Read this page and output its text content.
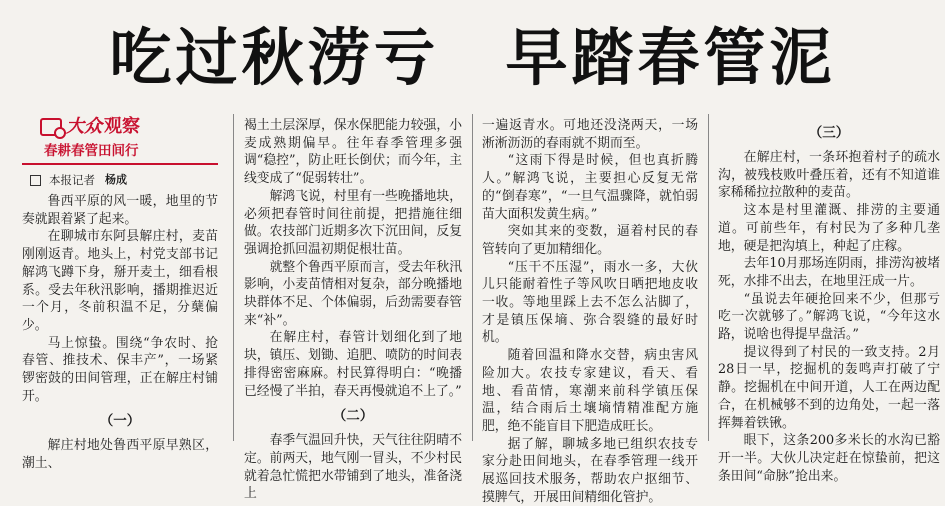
吃过秋涝亏　早踏春管泥
大众 观察
春耕春管田间行
本报记者 杨成

鲁西平原的风一暖，地里的节奏就跟着紧了起来。

在聊城市东阿县解庄村，麦苗刚刚返青。地头上，村党支部书记解鸿飞蹲下身，掰开麦土，细看根系。受去年秋汛影响，播期推迟近一个月，冬前积温不足，分蘖偏少。

马上惊蛰。围绕“争农时、抢春管、推技术、保丰产”，一场紧锣密鼓的田间管理，正在解庄村铺开。

（一）

解庄村地处鲁西平原早熟区，潮土、

褐土土层深厚，保水保肥能力较强，小麦成熟期偏早。往年春季管理多强调“稳控”，防止旺长倒伏；而今年，主线变成了“促弱转壮”。

解鸿飞说，村里有一些晚播地块，必须把春管时间往前提，把措施往细做。农技部门近期多次下沉田间，反复强调抢抓回温初期促根壮苗。

就整个鲁西平原而言，受去年秋汛影响，小麦苗情相对复杂，部分晚播地块群体不足、个体偏弱，后劲需要春管来“补”。

在解庄村，春管计划细化到了地块，镇压、划锄、追肥、喷防的时间表排得密密麻麻。村民算得明白：“晚播已经慢了半拍，春天再慢就追不上了。”

（二）

春季气温回升快，天气往往阴晴不定。前两天，地气刚一冒头，不少村民就着急忙慌把水带铺到了地头，准备浇上

一遍返青水。可地还没浇两天，一场淅淅沥沥的春雨就不期而至。

“这雨下得是时候，但也真折腾人。”解鸿飞说，主要担心反复无常的“倒春寒”，“一旦气温骤降，就怕弱苗大面积发黄生病。”

突如其来的变数，逼着村民的春管转向了更加精细化。

“压干不压湿”，雨水一多，大伙儿只能耐着性子等风吹日晒把地皮收一收。等地里踩上去不怎么沾脚了，才是镇压保墒、弥合裂缝的最好时机。

随着回温和降水交替，病虫害风险加大。农技专家建议，看天、看地、看苗情，寒潮来前科学镇压保温，结合雨后土壤墒情精准配方施肥，绝不能盲目下肥造成旺长。

据了解，聊城多地已组织农技专家分赴田间地头，在春季管理一线开展巡回技术服务，帮助农户抠细节、摸脾气，开展田间精细化管护。

（三）

在解庄村，一条环抱着村子的疏水沟，被残枝败叶叠压着，还有不知道谁家稀稀拉拉散种的麦苗。

这本是村里灌溉、排涝的主要通道。可前些年，有村民为了多种几垄地，硬是把沟填上，种起了庄稼。

去年10月那场连阴雨，排涝沟被堵死，水排不出去，在地里汪成一片。

“虽说去年硬抢回来不少，但那亏吃一次就够了。”解鸿飞说，“今年这水路，说啥也得提早盘活。”

提议得到了村民的一致支持。2月28日一早，挖掘机的轰鸣声打破了宁静。挖掘机在中间开道，人工在两边配合，在机械够不到的边角处，一起一落挥舞着铁锹。

眼下，这条200多米长的水沟已豁开一半。大伙儿决定赶在惊蛰前，把这条田间“命脉”抢出来。
